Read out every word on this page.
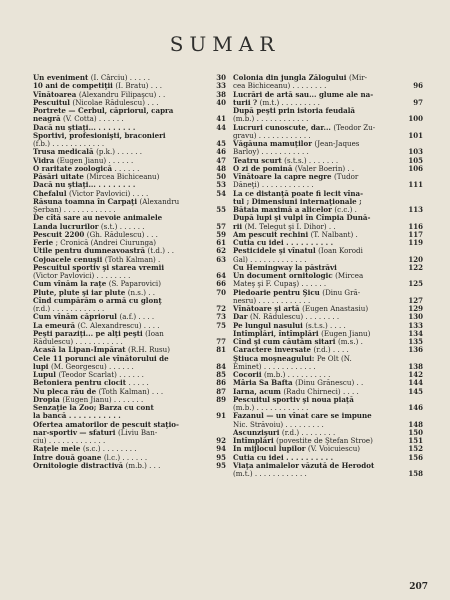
SUMAR
Un eveniment (I. Cârciu) . . . . .	30
10 ani de competiţii (I. Bratu) . . .	33
Vînătoarea (Alexandru Filipaşcu) . .	38
Pescuitul (Nicolae Rădulescu) . . .	40
Portrete — Cerbul, căpriorul, capra
neagră (V. Cotta) . . . . . .	41
Dacă nu ştiaţi... . . . . . . . .	44
Sportivi, profesionişti, braconieri
(f.b.) . . . . . . . . . . . .	45
Trusa medicală (p.k.) . . . . . .	46
Vidra (Eugen Jianu) . . . . . .	47
O raritate zoologică . . . . . .	48
Păsări uitate (Mircea Bichiceanu)	50
Dacă nu ştiaţi... . . . . . . . .	53
Chefalul (Victor Pavlovici) . . . .	54
Răsuna toamna în Carpaţi (Alexandru
Şerban) . . . . . . . . . . . .	55
De cîtă sare au nevoie animalele
Landa lucrurilor (s.t.) . . . . . .	57
Pescuit 2200 (Gh. Rădulescu) . . .	59
Ferie ; Cronică (Andrei Ciurunga)	61
Utile pentru dumneavoastră (t.d.) . .	62
Cojoacele cenuşii (Toth Kalman) .	63
Pescuitul sportiv şi starea vremii
(Victor Pavlovici) . . . . . . . .	64
Cum vînăm la raţe (S. Paparovici)	66
Plute, plute şi iar plute (n.s.) . .	70
Cînd cumpărăm o armă cu glonţ
(r.d.) . . . . . . . . . . . .	72
Cum vînăm căpriorul (a.f.) . . . .	73
La emeură (C. Alexandrescu) . . . .	75
Peşti paraziţi... pe alţi peşti (Ioan
Rădulescu) . . . . . . . . . . .	77
Acasă la Lipan-Împărat (R.H. Rusu)	81
Cele 11 porunci ale vînătorului de
lupi (M. Georgescu) . . . . . .	84
Lupul (Teodor Scarlat) . . . . . .	85
Betoniera pentru clocit . . . . .	86
Nu pleca rău de (Toth Kalman) . . .	87
Dropia (Eugen Jianu) . . . . . . .	89
Senzaţie la Zoo; Barza cu cont
la bancă . . . . . . . . . . .	91
Ofertea amatorilor de pescuit staţio-
nar-sportiv — sfaturi (Liviu Ban-
ciu) . . . . . . . . . . . . .	92
Raţele mele (s.c.) . . . . . . . .	94
Intre două goane (l.c.) . . . . . .	95
Ornitologie distractivă (m.b.) . . .	95
Colonia din jungla Zălogului (Mir-
cea Bichiceanu) . . . . . . . .	96
Lucrări de artă sau... glume ale na-
turii ? (m.t.) . . . . . . . . .	97
După peşti prin istoria feudală
(m.b.) . . . . . . . . . . . .	100
Lucruri cunoscute, dar... (Teodor Zu-
gravu) . . . . . . . . . . . .	101
Văgăuna mamuţilor (Jean-Jaques
Barloy) . . . . . . . . . . .	103
Teatru scurt (s.t.s.) . . . . . . .	105
O zi de pomină (Valer Boerin) . .	106
Vînătoare la capre negre (Tudor
Dăneţi) . . . . . . . . . . . .	111
La ce distanţă poate fi lecit vîna-
tul ; Dimensiuni internaţionale ;
Bătaia maximă a alicelor (c.c.) .	113
După lupi şi vulpi în Cîmpia Dună-
rii (M. Telegut şi I. Dihor) . .	116
Am pescuit rechini (T. Nalbant) .	117
Cutia cu idei . . . . . . . . . .	119
Pesticidele şi vînatul (Ioan Korodi
Gal) . . . . . . . . . . . . .	120
Cu Hemingway la păstrăvi	122
Un document ornitologic (Mircea
Mateş şi F. Cupaş) . . . . . .	125
Piedoarie pentru Şicu (Dinu Gră-
nesru) . . . . . . . . . . . .	127
Vînătoare şi artă (Eugen Anastasiu)	129
Dar (N. Rădulescu) . . . . . . . .	130
Pe lungul nasului (s.t.s.) . . . .	133
Intîmplări, întîmplări (Eugen Jianu)	134
Cînd şi cum căutăm sitari (m.s.) .	135
Caractere inversate (r.d.) . . . .	136
Ştiuca moşneagului: Pe Olt (N.
Eminet) . . . . . . . . . . . .	138
Cocorii (m.b.) . . . . . . . . . .	142
Mâria Sa Bafta (Dinu Grănescu) . .	144
Iarna, acum (Radu Chirneci) . . . .	145
Pescuitul sportiv şi noua piaţă
(m.b.) . . . . . . . . . . . .	146
Fazanul — un vînat care se impune
Nic. Străvoiu) . . . . . . . . .	148
Ascunzişuri (r.d.) . . . . . . . .	150
Intîmplări (povestite de Ştefan Stroe)	151
In mijlocul lupilor (V. Voicuiescu)	152
Cutia cu idei . . . . . . . . . .	156
Viaţa animalelor văzută de Herodot
(m.t.) . . . . . . . . . . . .	158
207
